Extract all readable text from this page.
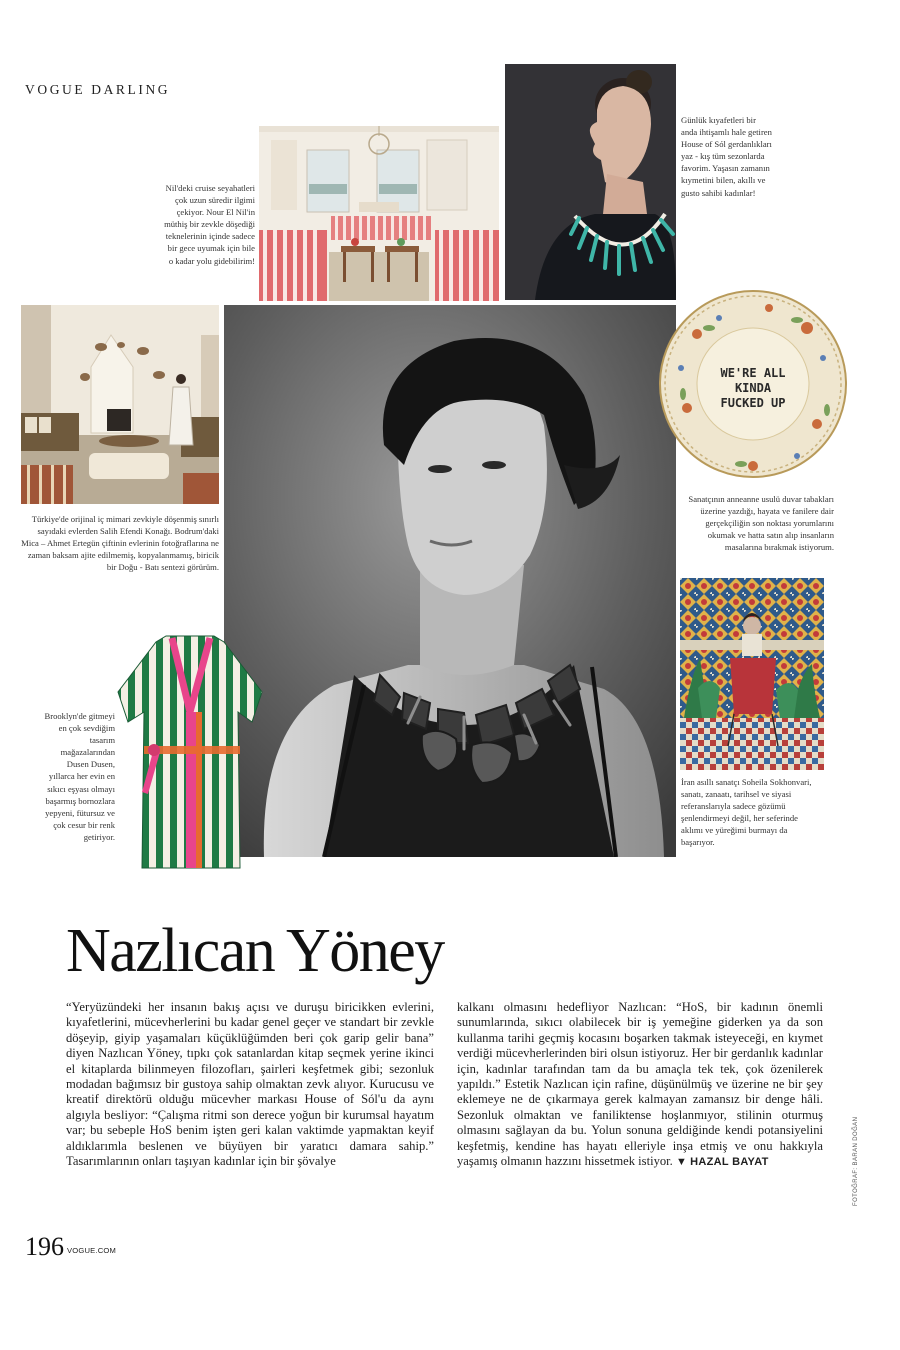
VOGUE DARLING
Nil'deki cruise seyahatleri çok uzun süredir ilgimi çekiyor. Nour El Nil'in müthiş bir zevkle döşediği teknelerinin içinde sadece bir gece uyumak için bile o kadar yolu gidebilirim!
Günlük kıyafetleri bir anda ihtişamlı hale getiren House of Sól gerdanlıkları yaz - kış tüm sezonlarda favorim. Yaşasın zamanın kıymetini bilen, akıllı ve gusto sahibi kadınlar!
Türkiye'de orijinal iç mimari zevkiyle döşenmiş sınırlı sayıdaki evlerden Salih Efendi Konağı. Bodrum'daki Mica – Ahmet Ertegün çiftinin evlerinin fotoğraflarına ne zaman baksam ajite edilmemiş, kopyalanmamış, biricik bir Doğu - Batı sentezi görürüm.
WE'RE ALL
KINDA
FUCKED UP
Sanatçının anneanne usulü duvar tabakları üzerine yazdığı, hayata ve fanilere dair gerçekçiliğin son noktası yorumlarını okumak ve hatta satın alıp insanların masalarına bırakmak istiyorum.
İran asıllı sanatçı Soheila Sokhonvari, sanatı, zanaatı, tarihsel ve siyasi referanslarıyla sadece gözümü şenlendirmeyi değil, her seferinde aklımı ve yüreğimi burmayı da başarıyor.
Brooklyn'de gitmeyi en çok sevdiğim tasarım mağazalarından Dusen Dusen, yıllarca her evin en sıkıcı eşyası olmayı başarmış bornozlara yepyeni, fütursuz ve çok cesur bir renk getiriyor.
Nazlıcan Yöney

“Yeryüzündeki her insanın bakış açısı ve duruşu biricikken evlerini, kıyafetlerini, mücevherlerini bu kadar genel geçer ve standart bir zevkle döşeyip, giyip yaşamaları küçüklüğümden beri çok garip gelir bana” diyen Nazlıcan Yöney, tıpkı çok satanlardan kitap seçmek yerine ikinci el kitaplarda bilinmeyen filozofları, şairleri keşfetmek gibi; sezonluk modadan bağımsız bir gustoya sahip olmaktan zevk alıyor. Kurucusu ve kreatif direktörü olduğu mücevher markası House of Sól'u da aynı algıyla besliyor: “Çalışma ritmi son derece yoğun bir kurumsal hayatım var; bu sebeple HoS benim işten geri kalan vaktimde yapmaktan keyif aldıklarımla beslenen ve büyüyen bir yaratıcı damara sahip.” Tasarımlarının onları taşıyan kadınlar için bir şövalye

kalkanı olmasını hedefliyor Nazlıcan: “HoS, bir kadının önemli sunumlarında, sıkıcı olabilecek bir iş yemeğine giderken ya da son kullanma tarihi geçmiş kocasını boşarken takmak isteyeceği, en kıymet verdiği mücevherlerinden biri olsun istiyoruz. Her bir gerdanlık kadınlar için, kadınlar tarafından tam da bu amaçla tek tek, çok özenilerek yapıldı.” Estetik Nazlıcan için rafine, düşünülmüş ve üzerine ne bir şey eklemeye ne de çıkarmaya gerek kalmayan zamansız bir denge hâli. Sezonluk olmaktan ve faniliktense hoşlanmıyor, stilinin oturmuş olmasını sağlayan da bu. Yolun sonuna geldiğinde kendi potansiyelini keşfetmiş, kendine has hayatı elleriyle inşa etmiş ve onu hakkıyla yaşamış olmanın hazzını hissetmek istiyor. ▼ HAZAL BAYAT

196 VOGUE.COM
FOTOĞRAF: BARAN DOĞAN
